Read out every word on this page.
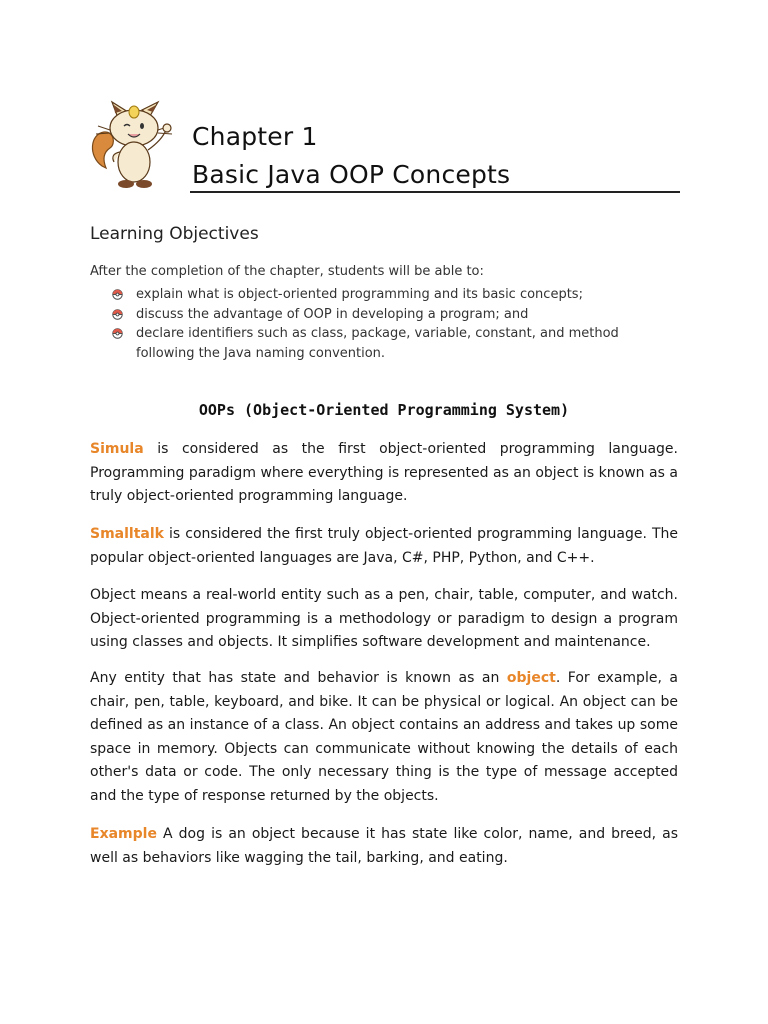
Chapter 1
Basic Java OOP Concepts
Learning Objectives
After the completion of the chapter, students will be able to:
explain what is object-oriented programming and its basic concepts;
discuss the advantage of OOP in developing a program; and
declare identifiers such as class, package, variable, constant, and method following the Java naming convention.
OOPs (Object-Oriented Programming System)

Simula is considered as the first object-oriented programming language. Programming paradigm where everything is represented as an object is known as a truly object-oriented programming language.

Smalltalk is considered the first truly object-oriented programming language. The popular object-oriented languages are Java, C#, PHP, Python, and C++.

Object means a real-world entity such as a pen, chair, table, computer, and watch. Object-oriented programming is a methodology or paradigm to design a program using classes and objects. It simplifies software development and maintenance.

Any entity that has state and behavior is known as an object. For example, a chair, pen, table, keyboard, and bike. It can be physical or logical. An object can be defined as an instance of a class. An object contains an address and takes up some space in memory. Objects can communicate without knowing the details of each other's data or code. The only necessary thing is the type of message accepted and the type of response returned by the objects.

Example A dog is an object because it has state like color, name, and breed, as well as behaviors like wagging the tail, barking, and eating.
